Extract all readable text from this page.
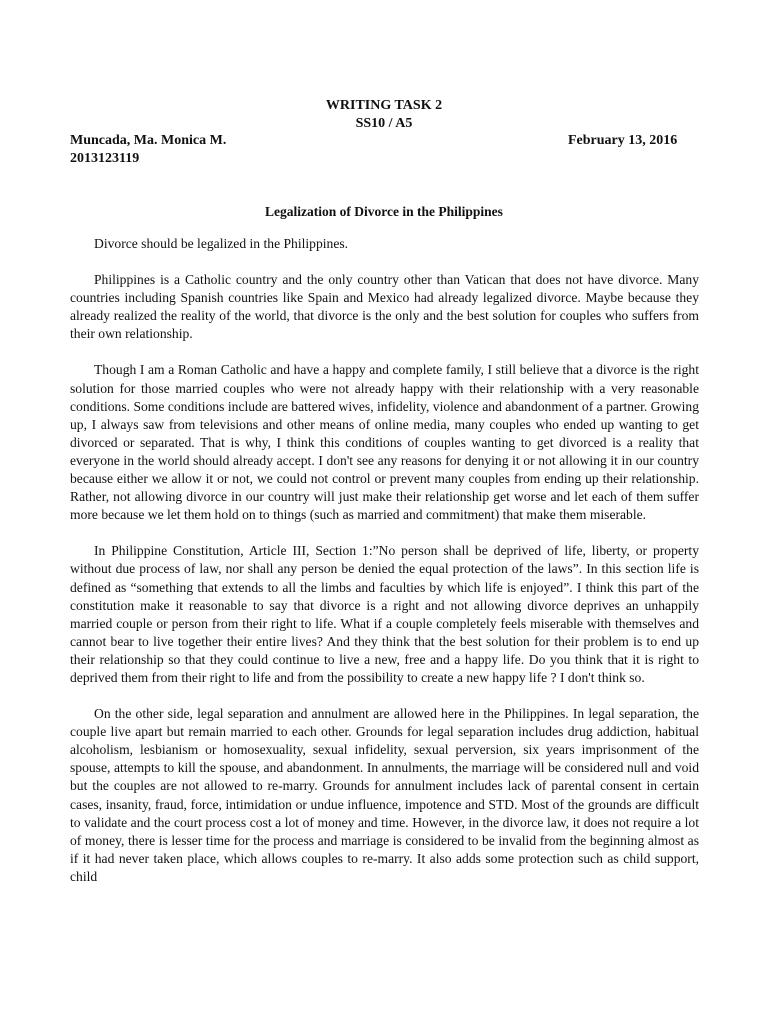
WRITING TASK 2
SS10 / A5
Muncada, Ma. Monica M.	February 13, 2016
2013123119
Legalization of Divorce in the Philippines

Divorce should be legalized in the Philippines.

Philippines is a Catholic country and the only country other than Vatican that does not have divorce. Many countries including Spanish countries like Spain and Mexico had already legalized divorce. Maybe because they already realized the reality of the world, that divorce is the only and the best solution for couples who suffers from their own relationship.

Though I am a Roman Catholic and have a happy and complete family, I still believe that a divorce is the right solution for those married couples who were not already happy with their relationship with a very reasonable conditions. Some conditions include are battered wives, infidelity, violence and abandonment of a partner. Growing up, I always saw from televisions and other means of online media, many couples who ended up wanting to get divorced or separated. That is why, I think this conditions of couples wanting to get divorced is a reality that everyone in the world should already accept. I don't see any reasons for denying it or not allowing it in our country because either we allow it or not, we could not control or prevent many couples from ending up their relationship. Rather, not allowing divorce in our country will just make their relationship get worse and let each of them suffer more because we let them hold on to things (such as married and commitment) that make them miserable.

In Philippine Constitution, Article III, Section 1:”No person shall be deprived of life, liberty, or property without due process of law, nor shall any person be denied the equal protection of the laws”. In this section life is defined as “something that extends to all the limbs and faculties by which life is enjoyed”. I think this part of the constitution make it reasonable to say that divorce is a right and not allowing divorce deprives an unhappily married couple or person from their right to life. What if a couple completely feels miserable with themselves and cannot bear to live together their entire lives? And they think that the best solution for their problem is to end up their relationship so that they could continue to live a new, free and a happy life. Do you think that it is right to deprived them from their right to life and from the possibility to create a new happy life ? I don't think so.

On the other side, legal separation and annulment are allowed here in the Philippines. In legal separation, the couple live apart but remain married to each other. Grounds for legal separation includes drug addiction, habitual alcoholism, lesbianism or homosexuality, sexual infidelity, sexual perversion, six years imprisonment of the spouse, attempts to kill the spouse, and abandonment. In annulments, the marriage will be considered null and void but the couples are not allowed to re-marry. Grounds for annulment includes lack of parental consent in certain cases, insanity, fraud, force, intimidation or undue influence, impotence and STD. Most of the grounds are difficult to validate and the court process cost a lot of money and time. However, in the divorce law, it does not require a lot of money, there is lesser time for the process and marriage is considered to be invalid from the beginning almost as if it had never taken place, which allows couples to re-marry. It also adds some protection such as child support, child
